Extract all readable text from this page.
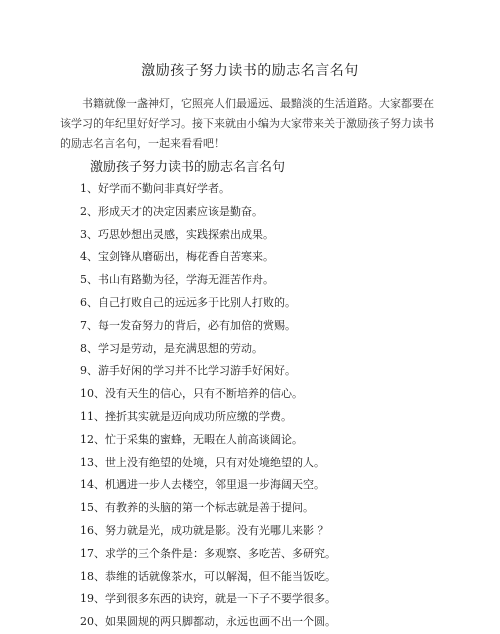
激励孩子努力读书的励志名言名句
书籍就像一盏神灯，它照亮人们最遥远、最黯淡的生活道路。大家都要在该学习的年纪里好好学习。接下来就由小编为大家带来关于激励孩子努力读书的励志名言名句，一起来看看吧！
激励孩子努力读书的励志名言名句
1、好学而不勤问非真好学者。
2、形成天才的决定因素应该是勤奋。
3、巧思妙想出灵感，实践探索出成果。
4、宝剑锋从磨砺出，梅花香自苦寒来。
5、书山有路勤为径，学海无涯苦作舟。
6、自己打败自己的远远多于比别人打败的。
7、每一发奋努力的背后，必有加倍的赏赐。
8、学习是劳动，是充满思想的劳动。
9、游手好闲的学习并不比学习游手好闲好。
10、没有天生的信心，只有不断培养的信心。
11、挫折其实就是迈向成功所应缴的学费。
12、忙于采集的蜜蜂，无暇在人前高谈阔论。
13、世上没有绝望的处境，只有对处境绝望的人。
14、机遇进一步人去楼空，邻里退一步海阔天空。
15、有教养的头脑的第一个标志就是善于提问。
16、努力就是光，成功就是影。没有光哪儿来影 ？
17、求学的三个条件是：多观察、多吃苦、多研究。
18、恭维的话就像茶水，可以解渴，但不能当饭吃。
19、学到很多东西的诀窍，就是一下子不要学很多。
20、如果圆规的两只脚都动，永远也画不出一个圆。
